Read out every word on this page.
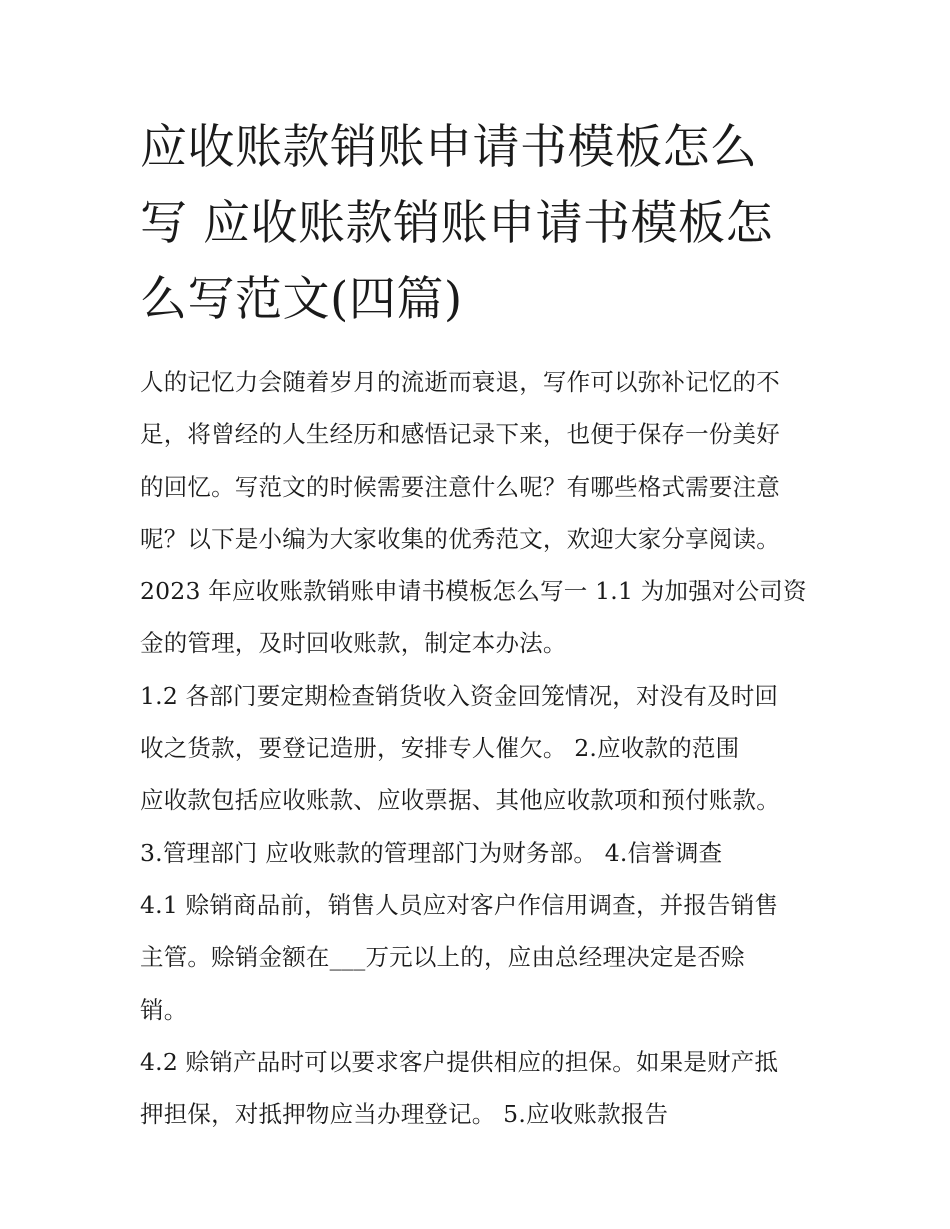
应收账款销账申请书模板怎么
写 应收账款销账申请书模板怎
么写范文(四篇)

人的记忆力会随着岁月的流逝而衰退，写作可以弥补记忆的不
足，将曾经的人生经历和感悟记录下来，也便于保存一份美好
的回忆。写范文的时候需要注意什么呢？有哪些格式需要注意
呢？以下是小编为大家收集的优秀范文，欢迎大家分享阅读。
2023 年应收账款销账申请书模板怎么写一 1.1 为加强对公司资
金的管理，及时回收账款，制定本办法。

1.2 各部门要定期检查销货收入资金回笼情况，对没有及时回
收之货款，要登记造册，安排专人催欠。 2.应收款的范围
应收款包括应收账款、应收票据、其他应收款项和预付账款。
3.管理部门 应收账款的管理部门为财务部。 4.信誉调查
4.1 赊销商品前，销售人员应对客户作信用调查，并报告销售
主管。赊销金额在___万元以上的，应由总经理决定是否赊
销。

4.2 赊销产品时可以要求客户提供相应的担保。如果是财产抵
押担保，对抵押物应当办理登记。 5.应收账款报告
